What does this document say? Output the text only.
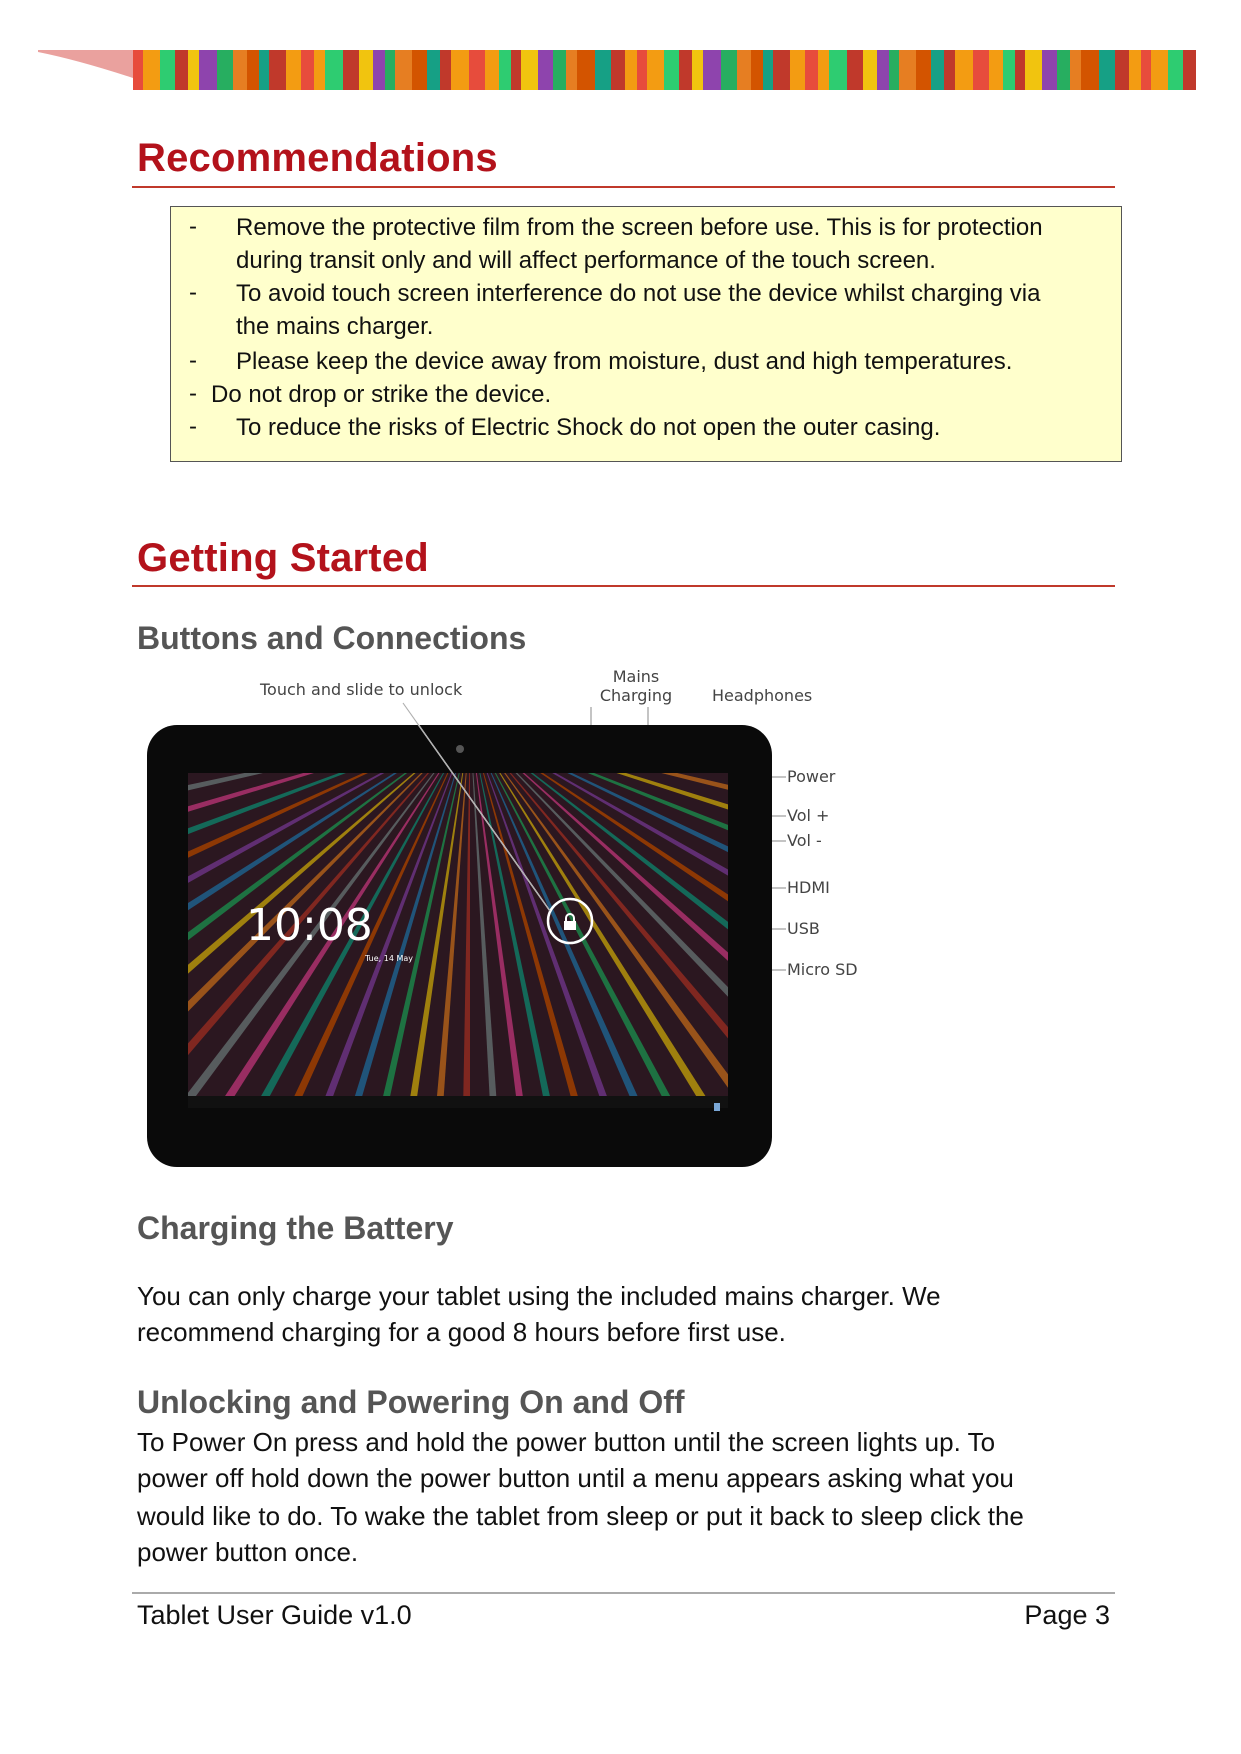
Recommendations
- Remove the protective film from the screen before use. This is for protection
during transit only and will affect performance of the touch screen.
- To avoid touch screen interference do not use the device whilst charging via
the mains charger.
- Please keep the device away from moisture, dust and high temperatures.
- Do not drop or strike the device.
- To reduce the risks of Electric Shock do not open the outer casing.
Getting Started
Buttons and Connections
Touch and slide to unlock
Mains
Charging Headphones
10:08
Tue, 14 May
Power
Vol +
Vol -
HDMI
USB
Micro SD
Charging the Battery
You can only charge your tablet using the included mains charger. We
recommend charging for a good 8 hours before first use.
Unlocking and Powering On and Off
To Power On press and hold the power button until the screen lights up. To
power off hold down the power button until a menu appears asking what you
would like to do. To wake the tablet from sleep or put it back to sleep click the
power button once.
Tablet User Guide v1.0	Page 3
